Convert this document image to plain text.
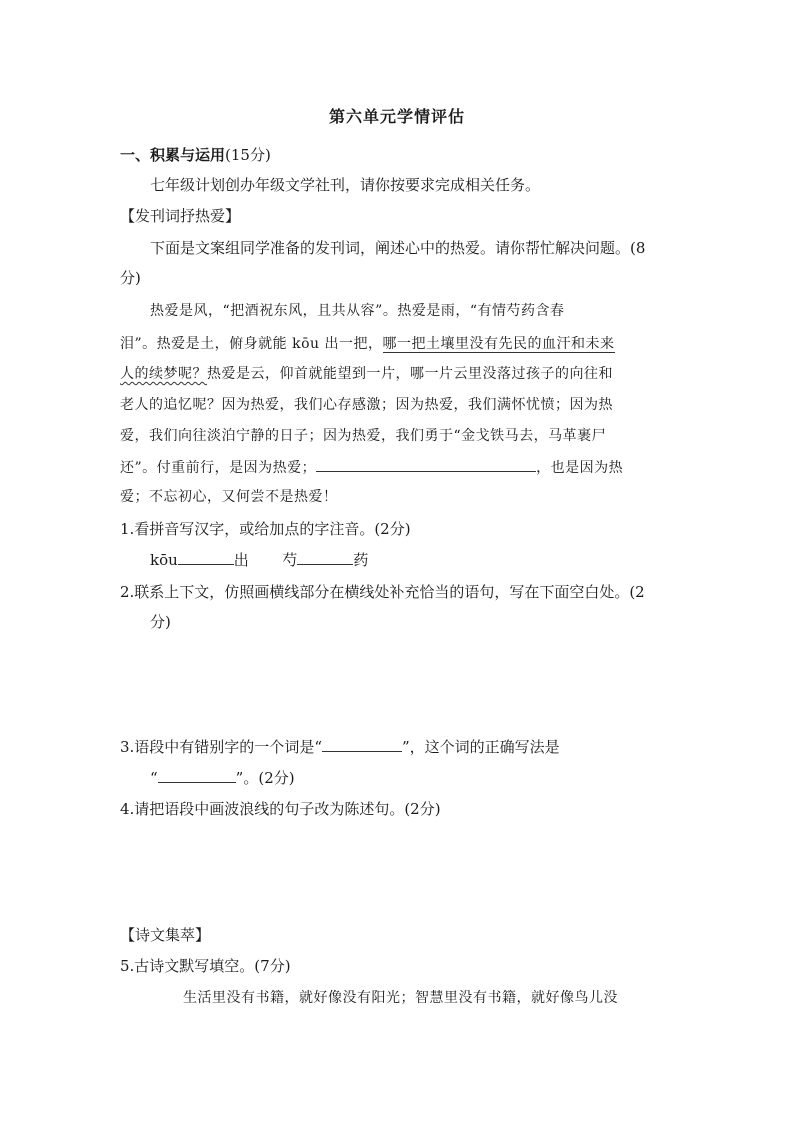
第六单元学情评估
一、积累与运用(15分)
七年级计划创办年级文学社刊，请你按要求完成相关任务。
【发刊词抒热爱】
下面是文案组同学准备的发刊词，阐述心中的热爱。请你帮忙解决问题。(8
分)
热爱是风，“把酒祝东风，且共从容”。热爱是雨，“有情芍药含春
泪”。热爱是土，俯身就能 kōu 出一把，哪一把土壤里没有先民的血汗和未来
人的续梦呢？热爱是云，仰首就能望到一片，哪一片云里没落过孩子的向往和
老人的追忆呢？因为热爱，我们心存感激；因为热爱，我们满怀忧愤；因为热
爱，我们向往淡泊宁静的日子；因为热爱，我们勇于“金戈铁马去，马革裹尸
还”。付重前行，是因为热爱；	，也是因为热
爱；不忘初心，又何尝不是热爱！
1.看拼音写汉字，或给加点的字注音。(2分)
kōu	出 芍	药
2.联系上下文，仿照画横线部分在横线处补充恰当的语句，写在下面空白处。(2
分)
3.语段中有错别字的一个词是“	”，这个词的正确写法是
“	”。(2分)
4.请把语段中画波浪线的句子改为陈述句。(2分)
【诗文集萃】
5.古诗文默写填空。(7分)
生活里没有书籍，就好像没有阳光；智慧里没有书籍，就好像鸟儿没
